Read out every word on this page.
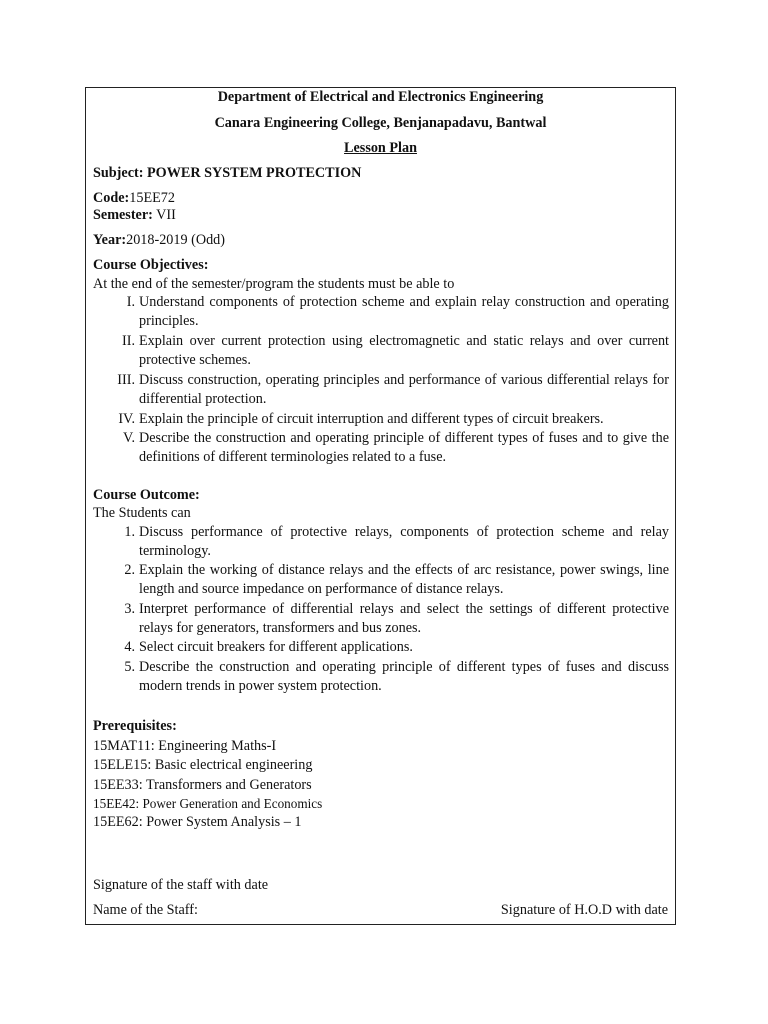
Department of Electrical and Electronics Engineering
Canara Engineering College, Benjanapadavu, Bantwal
Lesson Plan
Subject: POWER SYSTEM PROTECTION
Code:15EE72
Semester: VII
Year:2018-2019 (Odd)
Course Objectives:
At the end of the semester/program the students must be able to
I. Understand components of protection scheme and explain relay construction and operating principles.
II. Explain over current protection using electromagnetic and static relays and over current protective schemes.
III. Discuss construction, operating principles and performance of various differential relays for differential protection.
IV. Explain the principle of circuit interruption and different types of circuit breakers.
V. Describe the construction and operating principle of different types of fuses and to give the definitions of different terminologies related to a fuse.
Course Outcome:
The Students can
1. Discuss performance of protective relays, components of protection scheme and relay terminology.
2. Explain the working of distance relays and the effects of arc resistance, power swings, line length and source impedance on performance of distance relays.
3. Interpret performance of differential relays and select the settings of different protective relays for generators, transformers and bus zones.
4. Select circuit breakers for different applications.
5. Describe the construction and operating principle of different types of fuses and discuss modern trends in power system protection.
Prerequisites:
15MAT11: Engineering Maths-I
15ELE15: Basic electrical engineering
15EE33: Transformers and Generators
15EE42: Power Generation and Economics
15EE62: Power System Analysis – 1
Signature of the staff with date
Name of the Staff:	Signature of H.O.D with date
